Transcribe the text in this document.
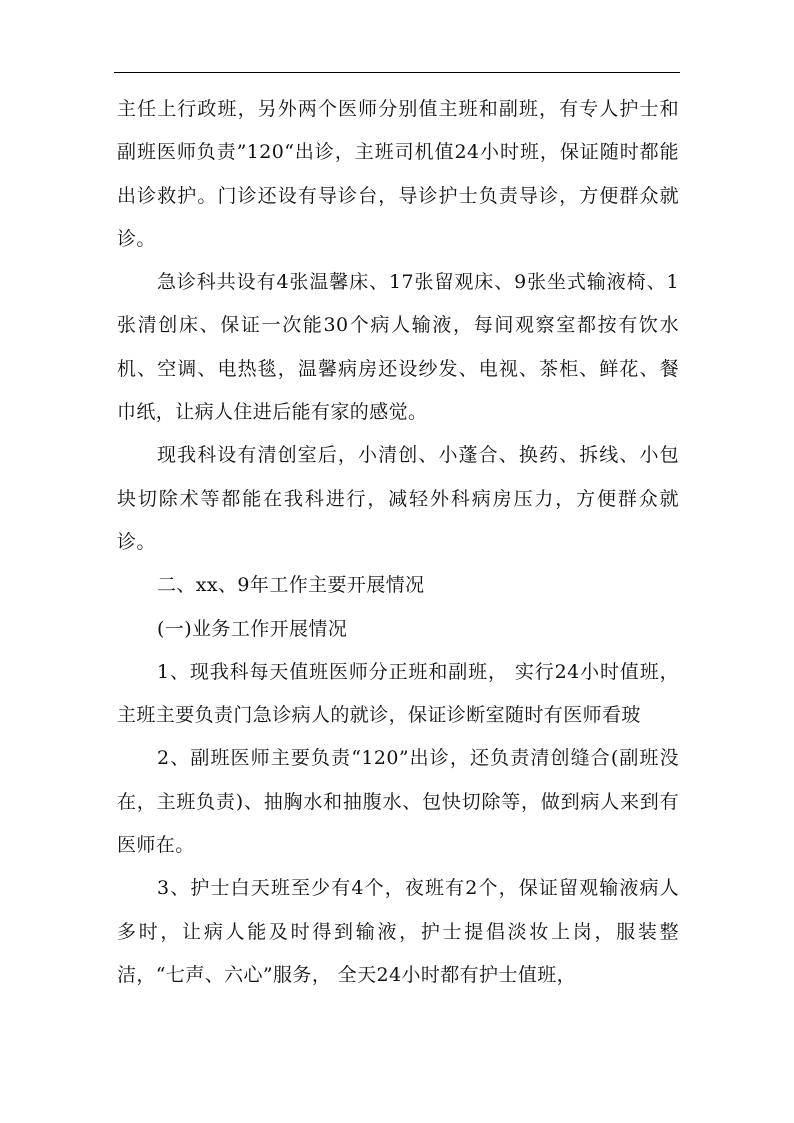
主任上行政班，另外两个医师分别值主班和副班，有专人护士和副班医师负责”120“出诊，主班司机值24小时班，保证随时都能出诊救护。门诊还设有导诊台，导诊护士负责导诊，方便群众就诊。

急诊科共设有4张温馨床、17张留观床、9张坐式输液椅、1张清创床、保证一次能30个病人输液，每间观察室都按有饮水机、空调、电热毯，温馨病房还设纱发、电视、茶柜、鲜花、餐巾纸，让病人住进后能有家的感觉。

现我科设有清创室后，小清创、小蓬合、换药、拆线、小包块切除术等都能在我科进行，减轻外科病房压力，方便群众就诊。

二、xx、9年工作主要开展情况

(一)业务工作开展情况

1、现我科每天值班医师分正班和副班， 实行24小时值班，主班主要负责门急诊病人的就诊，保证诊断室随时有医师看玻

2、副班医师主要负责“120”出诊，还负责清创缝合(副班没在，主班负责)、抽胸水和抽腹水、包快切除等，做到病人来到有医师在。

3、护士白天班至少有4个，夜班有2个，保证留观输液病人多时，让病人能及时得到输液，护士提倡淡妆上岗，服装整洁，“七声、六心”服务， 全天24小时都有护士值班，
